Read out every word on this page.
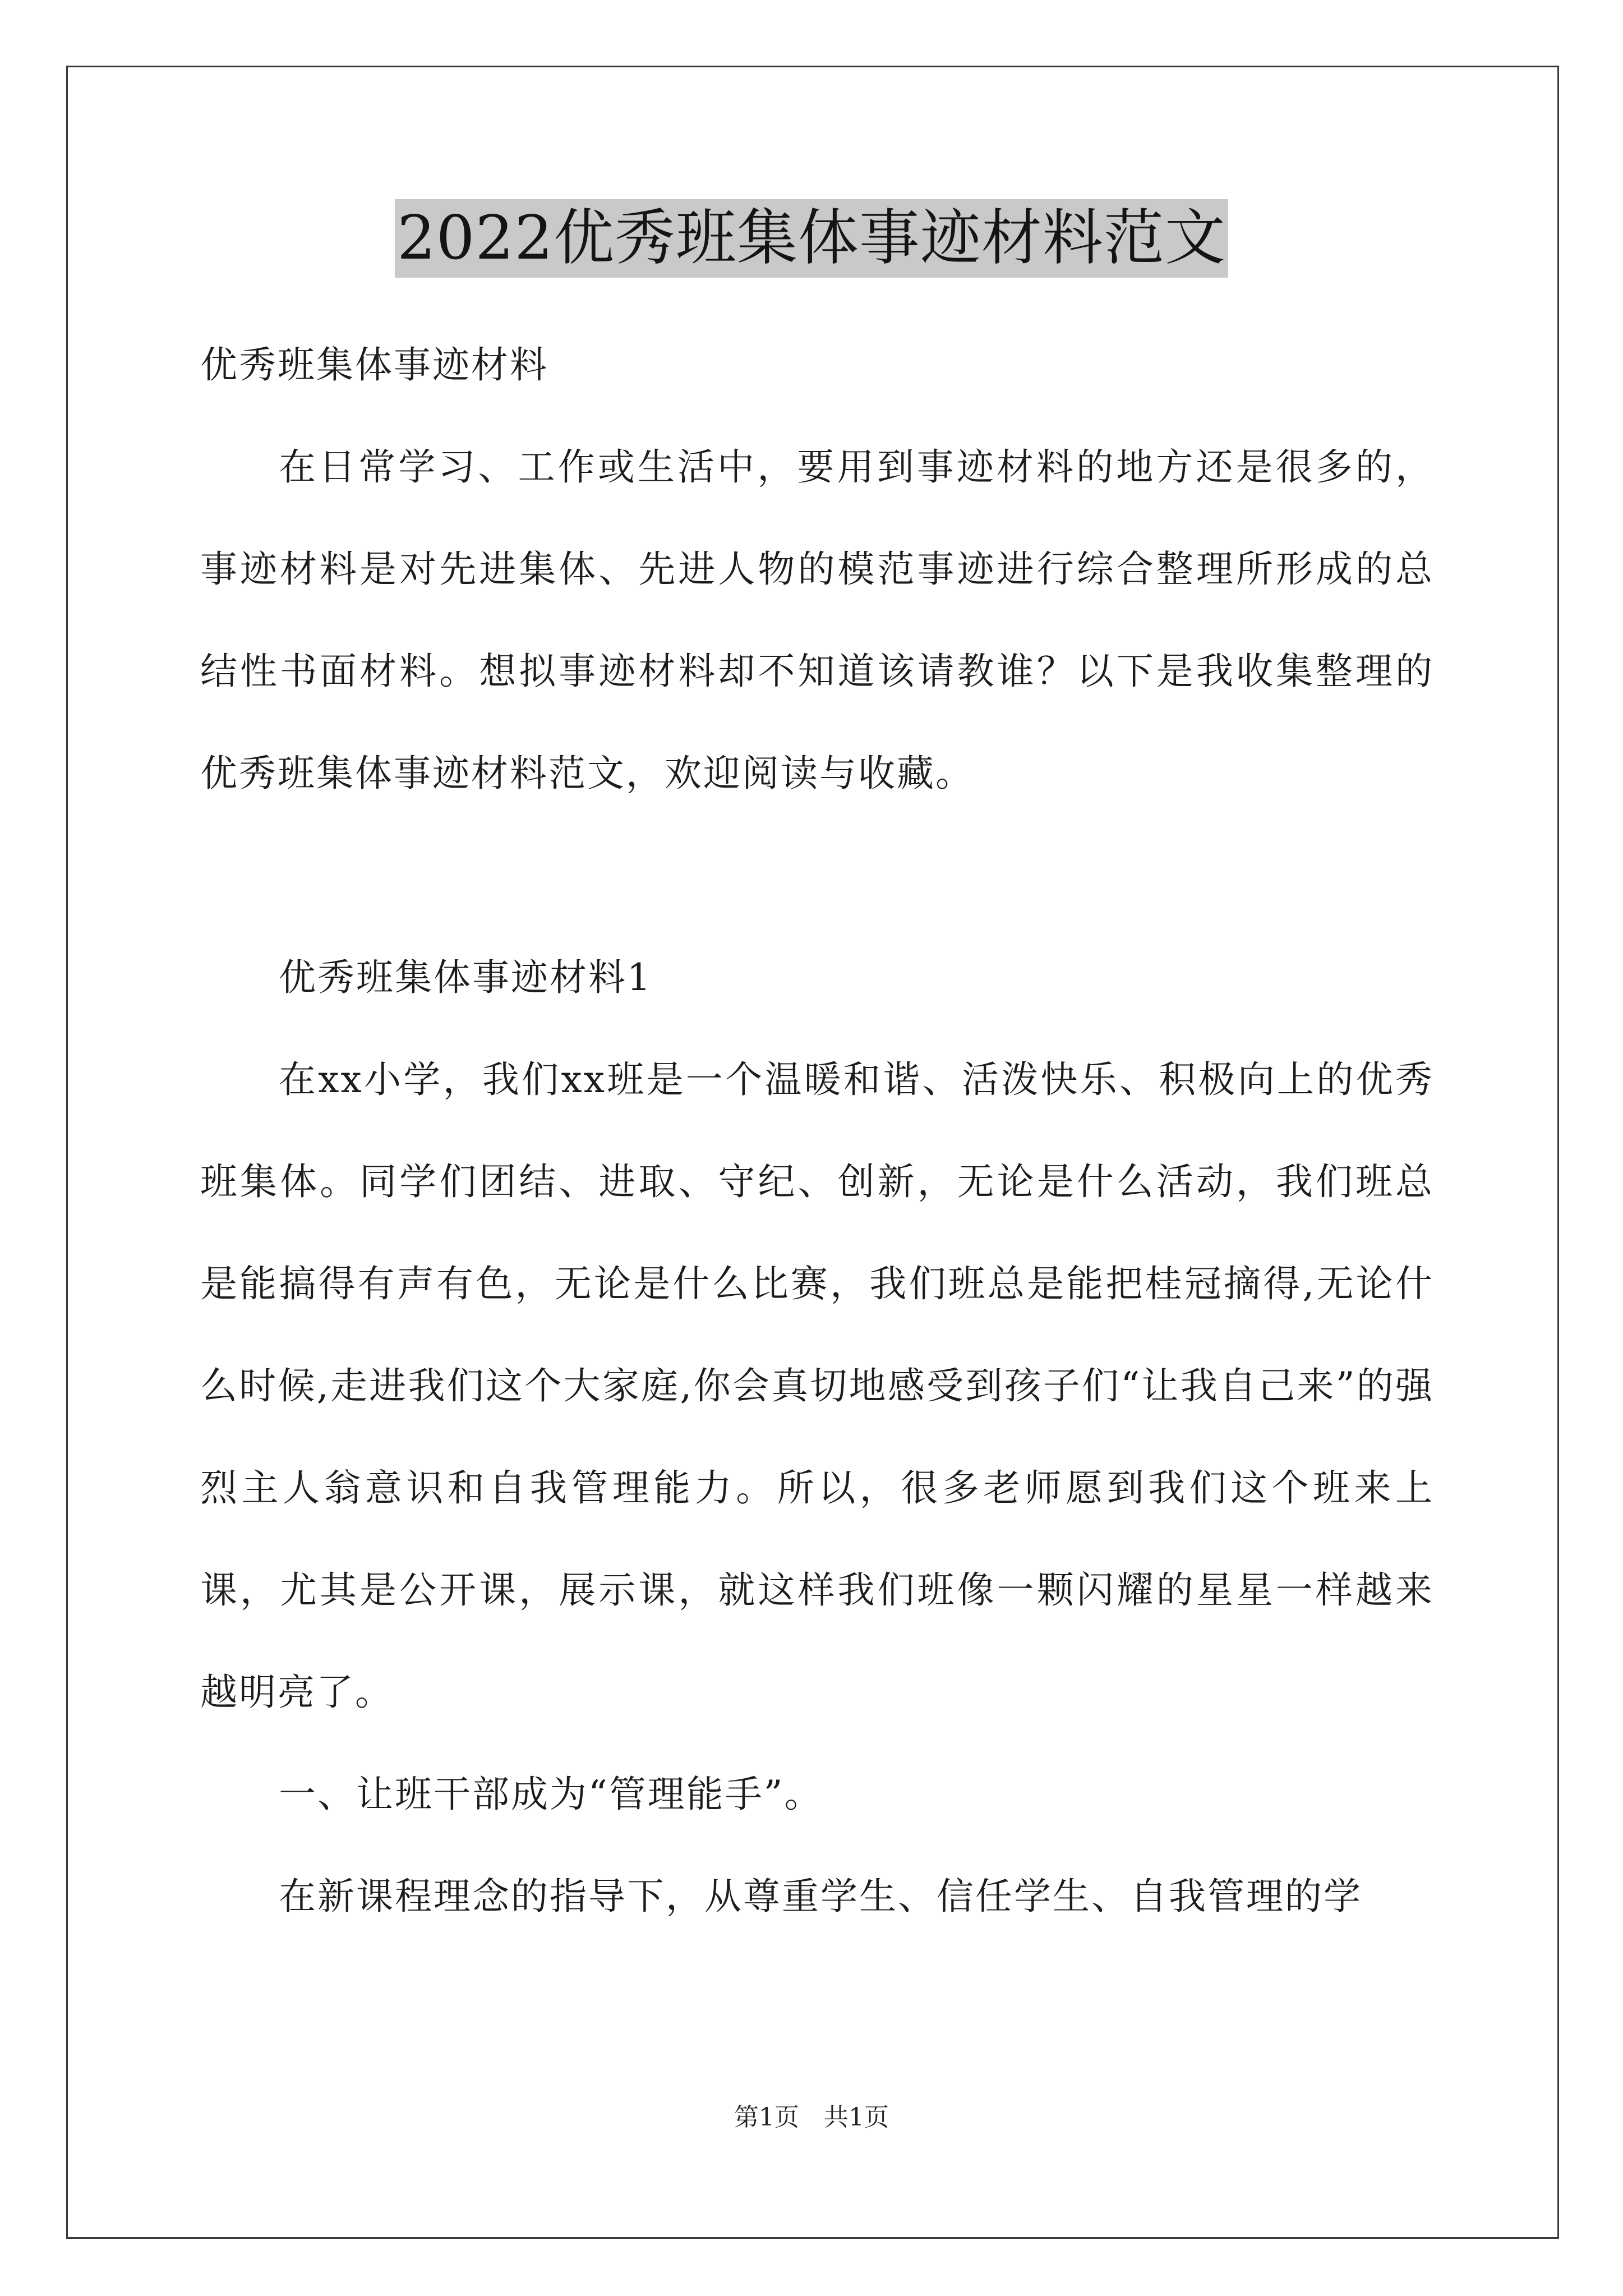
2022优秀班集体事迹材料范文

优秀班集体事迹材料

在日常学习、工作或生活中，要用到事迹材料的地方还是很多的，事迹材料是对先进集体、先进人物的模范事迹进行综合整理所形成的总结性书面材料。想拟事迹材料却不知道该请教谁？以下是我收集整理的优秀班集体事迹材料范文，欢迎阅读与收藏。

优秀班集体事迹材料1

在xx小学，我们xx班是一个温暖和谐、活泼快乐、积极向上的优秀班集体。同学们团结、进取、守纪、创新，无论是什么活动，我们班总是能搞得有声有色，无论是什么比赛，我们班总是能把桂冠摘得,无论什么时候,走进我们这个大家庭,你会真切地感受到孩子们“让我自己来”的强烈主人翁意识和自我管理能力。所以，很多老师愿到我们这个班来上课，尤其是公开课，展示课，就这样我们班像一颗闪耀的星星一样越来越明亮了。

一、让班干部成为“管理能手”。

在新课程理念的指导下，从尊重学生、信任学生、自我管理的学

第1页　共1页
